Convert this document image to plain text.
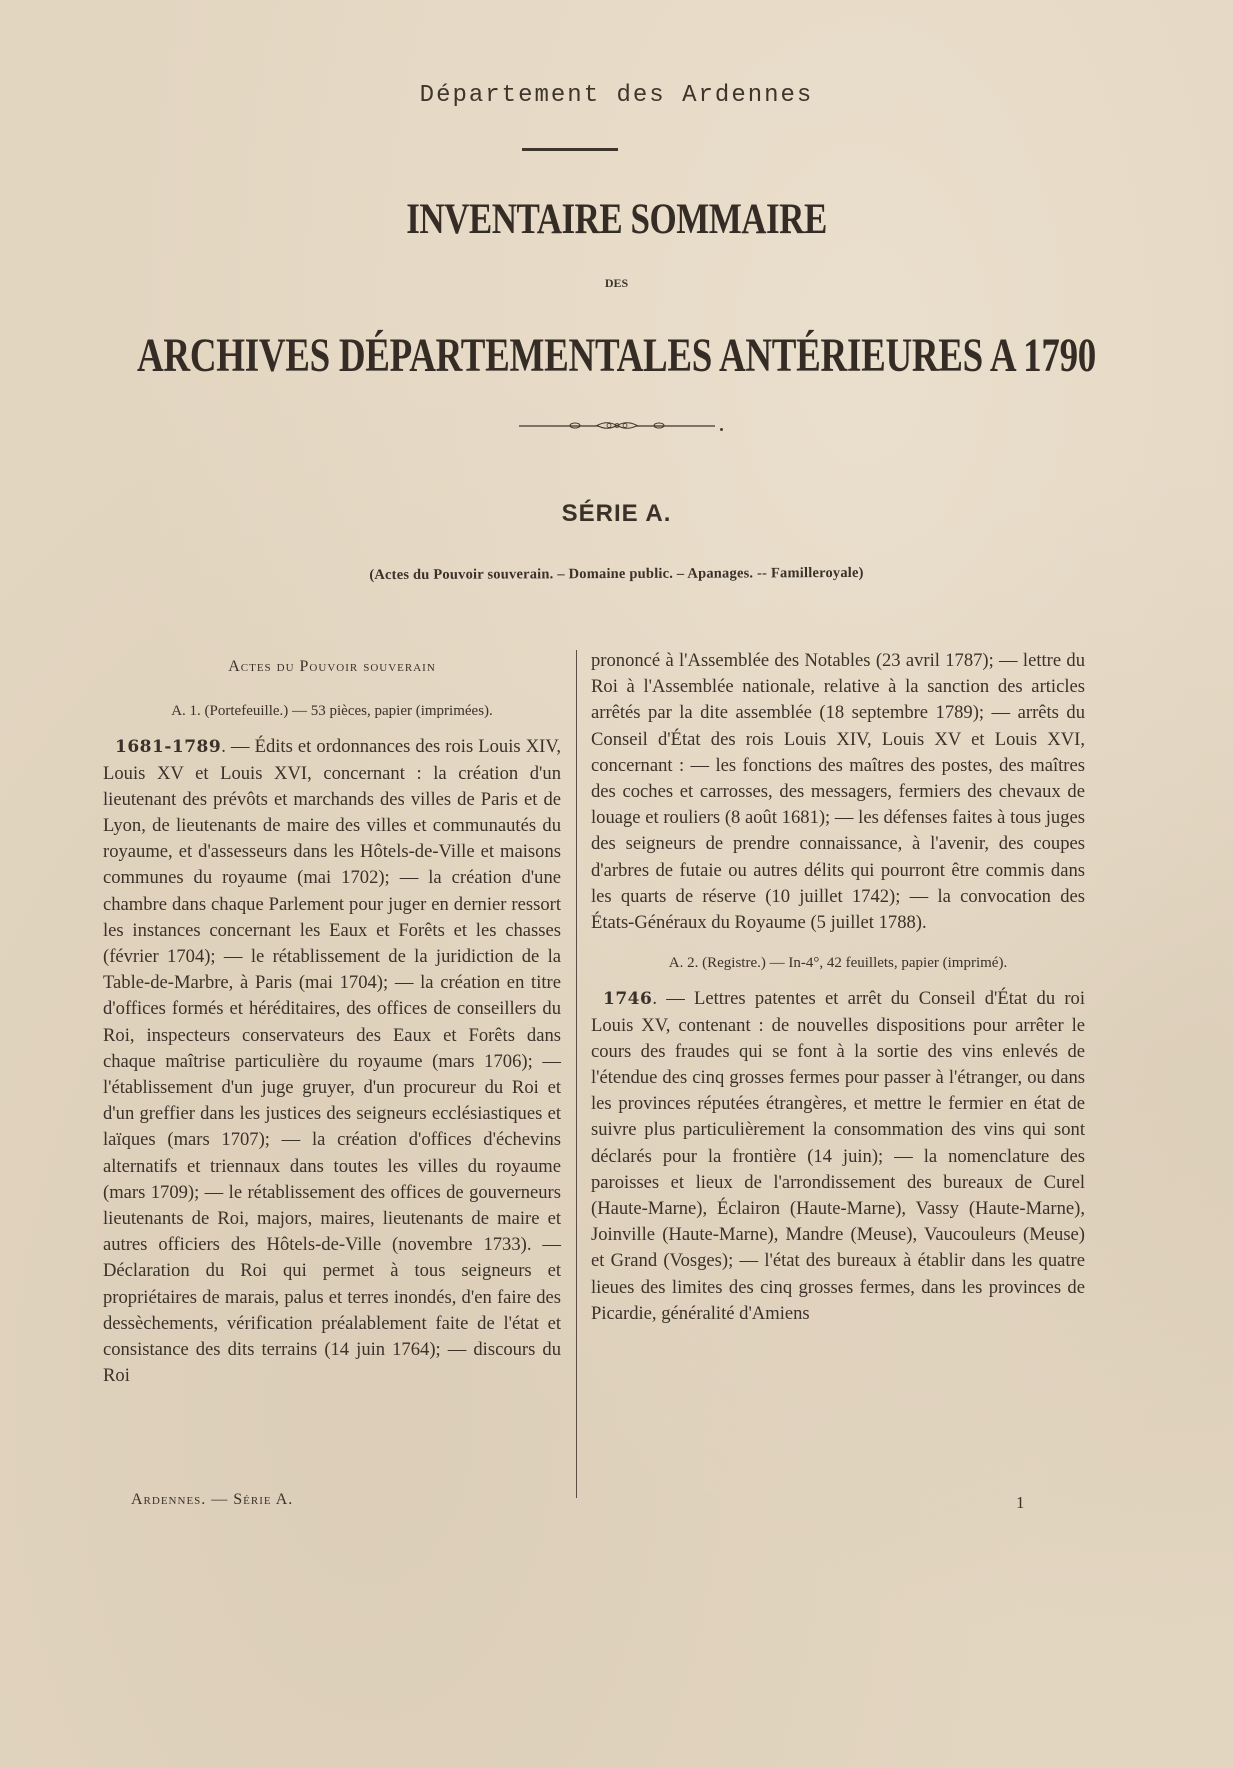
Département des Ardennes
INVENTAIRE SOMMAIRE
DES
ARCHIVES DÉPARTEMENTALES ANTÉRIEURES A 1790
SÉRIE A.
(Actes du Pouvoir souverain. – Domaine public. – Apanages. -- Familleroyale)

Actes du Pouvoir souverain

A. 1. (Portefeuille.) — 53 pièces, papier (imprimées).

1681-1789. — Édits et ordonnances des rois Louis XIV, Louis XV et Louis XVI, concernant : la création d'un lieutenant des prévôts et marchands des villes de Paris et de Lyon, de lieutenants de maire des villes et communautés du royaume, et d'assesseurs dans les Hôtels-de-Ville et maisons communes du royaume (mai 1702); — la création d'une chambre dans chaque Parlement pour juger en dernier ressort les instances concernant les Eaux et Forêts et les chasses (février 1704); — le rétablissement de la juridiction de la Table-de-Marbre, à Paris (mai 1704); — la création en titre d'offices formés et héréditaires, des offices de conseillers du Roi, inspecteurs conservateurs des Eaux et Forêts dans chaque maîtrise particulière du royaume (mars 1706); — l'établissement d'un juge gruyer, d'un procureur du Roi et d'un greffier dans les justices des seigneurs ecclésiastiques et laïques (mars 1707); — la création d'offices d'échevins alternatifs et triennaux dans toutes les villes du royaume (mars 1709); — le rétablissement des offices de gouverneurs lieutenants de Roi, majors, maires, lieutenants de maire et autres officiers des Hôtels-de-Ville (novembre 1733). — Déclaration du Roi qui permet à tous seigneurs et propriétaires de marais, palus et terres inondés, d'en faire des dessèchements, vérification préalablement faite de l'état et consistance des dits terrains (14 juin 1764); — discours du Roi

prononcé à l'Assemblée des Notables (23 avril 1787); — lettre du Roi à l'Assemblée nationale, relative à la sanction des articles arrêtés par la dite assemblée (18 septembre 1789); — arrêts du Conseil d'État des rois Louis XIV, Louis XV et Louis XVI, concernant : — les fonctions des maîtres des postes, des maîtres des coches et carrosses, des messagers, fermiers des chevaux de louage et rouliers (8 août 1681); — les défenses faites à tous juges des seigneurs de prendre connaissance, à l'avenir, des coupes d'arbres de futaie ou autres délits qui pourront être commis dans les quarts de réserve (10 juillet 1742); — la convocation des États-Généraux du Royaume (5 juillet 1788).

A. 2. (Registre.) — In-4°, 42 feuillets, papier (imprimé).

1746. — Lettres patentes et arrêt du Conseil d'État du roi Louis XV, contenant : de nouvelles dispositions pour arrêter le cours des fraudes qui se font à la sortie des vins enlevés de l'étendue des cinq grosses fermes pour passer à l'étranger, ou dans les provinces réputées étrangères, et mettre le fermier en état de suivre plus particulièrement la consommation des vins qui sont déclarés pour la frontière (14 juin); — la nomenclature des paroisses et lieux de l'arrondissement des bureaux de Curel (Haute-Marne), Éclairon (Haute-Marne), Vassy (Haute-Marne), Joinville (Haute-Marne), Mandre (Meuse), Vaucouleurs (Meuse) et Grand (Vosges); — l'état des bureaux à établir dans les quatre lieues des limites des cinq grosses fermes, dans les provinces de Picardie, généralité d'Amiens

Ardennes. — Série A.	1
